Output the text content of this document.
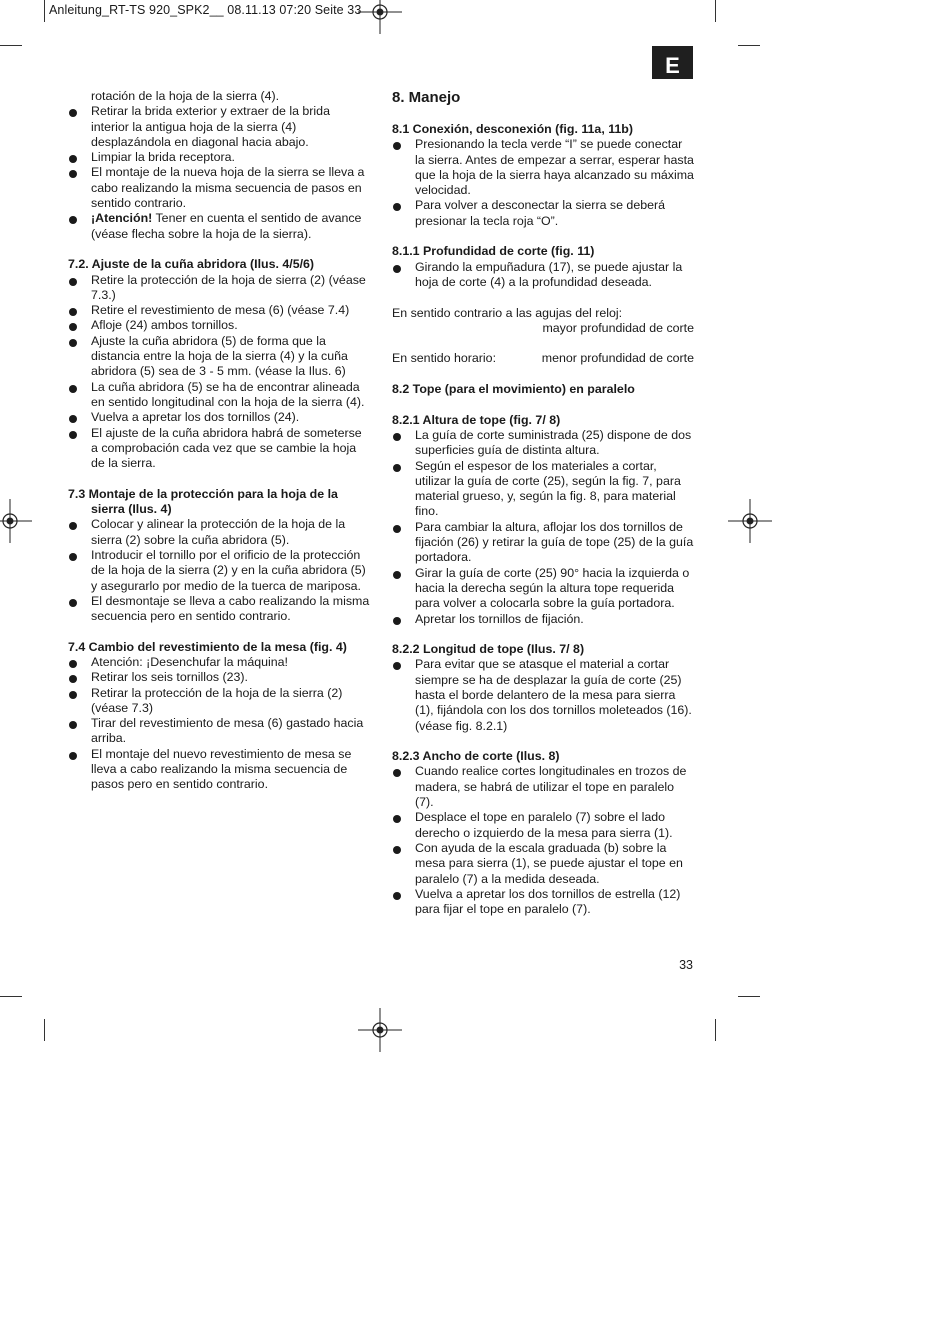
Anleitung_RT-TS 920_SPK2__ 08.11.13 07:20 Seite 33
E
rotación de la hoja de la sierra (4).
Retirar la brida exterior y extraer de la brida interior la antigua hoja de la sierra (4) desplazándola en diagonal hacia abajo.
Limpiar la brida receptora.
El montaje de la nueva hoja de la sierra se lleva a cabo realizando la misma secuencia de pasos en sentido contrario.
¡Atención! Tener en cuenta el sentido de avance (véase flecha sobre la hoja de la sierra).

7.2. Ajuste de la cuña abridora (Ilus. 4/5/6)

Retire la protección de la hoja de sierra (2) (véase 7.3.)
Retire el revestimiento de mesa (6) (véase 7.4)
Afloje (24) ambos tornillos.
Ajuste la cuña abridora (5) de forma que la distancia entre la hoja de la sierra (4) y la cuña abridora (5) sea de 3 - 5 mm. (véase la Ilus. 6)
La cuña abridora (5) se ha de encontrar alineada en sentido longitudinal con la hoja de la sierra (4).
Vuelva a apretar los dos tornillos (24).
El ajuste de la cuña abridora habrá de someterse a comprobación cada vez que se cambie la hoja de la sierra.

7.3 Montaje de la protección para la hoja de la
sierra (Ilus. 4)

Colocar y alinear la protección de la hoja de la sierra (2) sobre la cuña abridora (5).
Introducir el tornillo por el orificio de la protección de la hoja de la sierra (2) y en la cuña abridora (5) y asegurarlo por medio de la tuerca de mariposa.
El desmontaje se lleva a cabo realizando la misma secuencia pero en sentido contrario.

7.4 Cambio del revestimiento de la mesa (fig. 4)

Atención: ¡Desenchufar la máquina!
Retirar los seis tornillos (23).
Retirar la protección de la hoja de la sierra (2) (véase 7.3)
Tirar del revestimiento de mesa (6) gastado hacia arriba.
El montaje del nuevo revestimiento de mesa se lleva a cabo realizando la misma secuencia de pasos pero en sentido contrario.

8. Manejo

8.1 Conexión, desconexión (fig. 11a, 11b)

Presionando la tecla verde “I” se puede conectar la sierra. Antes de empezar a serrar, esperar hasta que la hoja de la sierra haya alcanzado su máxima velocidad.
Para volver a desconectar la sierra se deberá presionar la tecla roja “O”.

8.1.1 Profundidad de corte (fig. 11)

Girando la empuñadura (17), se puede ajustar la hoja de corte (4) a la profundidad deseada.

En sentido contrario a las agujas del reloj:

mayor profundidad de corte

En sentido horario:	menor profundidad de corte

8.2 Tope (para el movimiento) en paralelo

8.2.1 Altura de tope (fig. 7/ 8)

La guía de corte suministrada (25) dispone de dos superficies guía de distinta altura.
Según el espesor de los materiales a cortar, utilizar la guía de corte (25), según la fig. 7, para material grueso, y, según la fig. 8, para material fino.
Para cambiar la altura, aflojar los dos tornillos de fijación (26) y retirar la guía de tope (25) de la guía portadora.
Girar la guía de corte (25) 90° hacia la izquierda o hacia la derecha según la altura tope requerida para volver a colocarla sobre la guía portadora.
Apretar los tornillos de fijación.

8.2.2 Longitud de tope (Ilus. 7/ 8)

Para evitar que se atasque el material a cortar siempre se ha de desplazar la guía de corte (25) hasta el borde delantero de la mesa para sierra (1), fijándola con los dos tornillos moleteados (16). (véase fig. 8.2.1)

8.2.3 Ancho de corte (Ilus. 8)

Cuando realice cortes longitudinales en trozos de madera, se habrá de utilizar el tope en paralelo (7).
Desplace el tope en paralelo (7) sobre el lado derecho o izquierdo de la mesa para sierra (1).
Con ayuda de la escala graduada (b) sobre la mesa para sierra (1), se puede ajustar el tope en paralelo (7) a la medida deseada.
Vuelva a apretar los dos tornillos de estrella (12) para fijar el tope en paralelo (7).
33
